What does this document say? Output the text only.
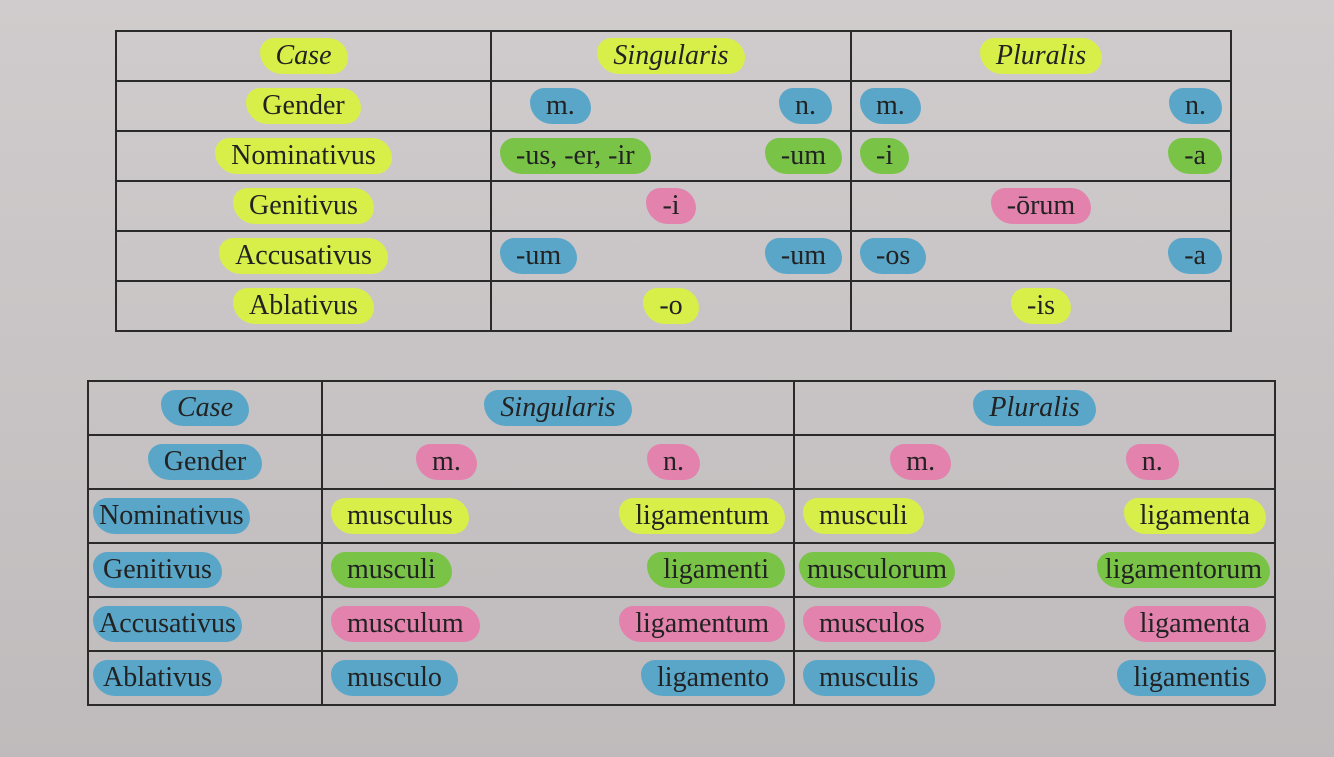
Case	Singularis	Pluralis
Gender	m. n.	m. n.

Nominativus	-us, -er, -ir -um	-i -a

Genitivus	-i	-ōrum
Accusativus	-um -um	-os -a

Ablativus	-o	-is
Case	Singularis	Pluralis
Gender	m. n.	m. n.

Nominativus	musculus ligamentum	musculi ligamenta

Genitivus	musculi ligamenti	musculorum ligamentorum

Accusativus	musculum ligamentum	musculos ligamenta

Ablativus	musculo ligamento	musculis ligamentis
